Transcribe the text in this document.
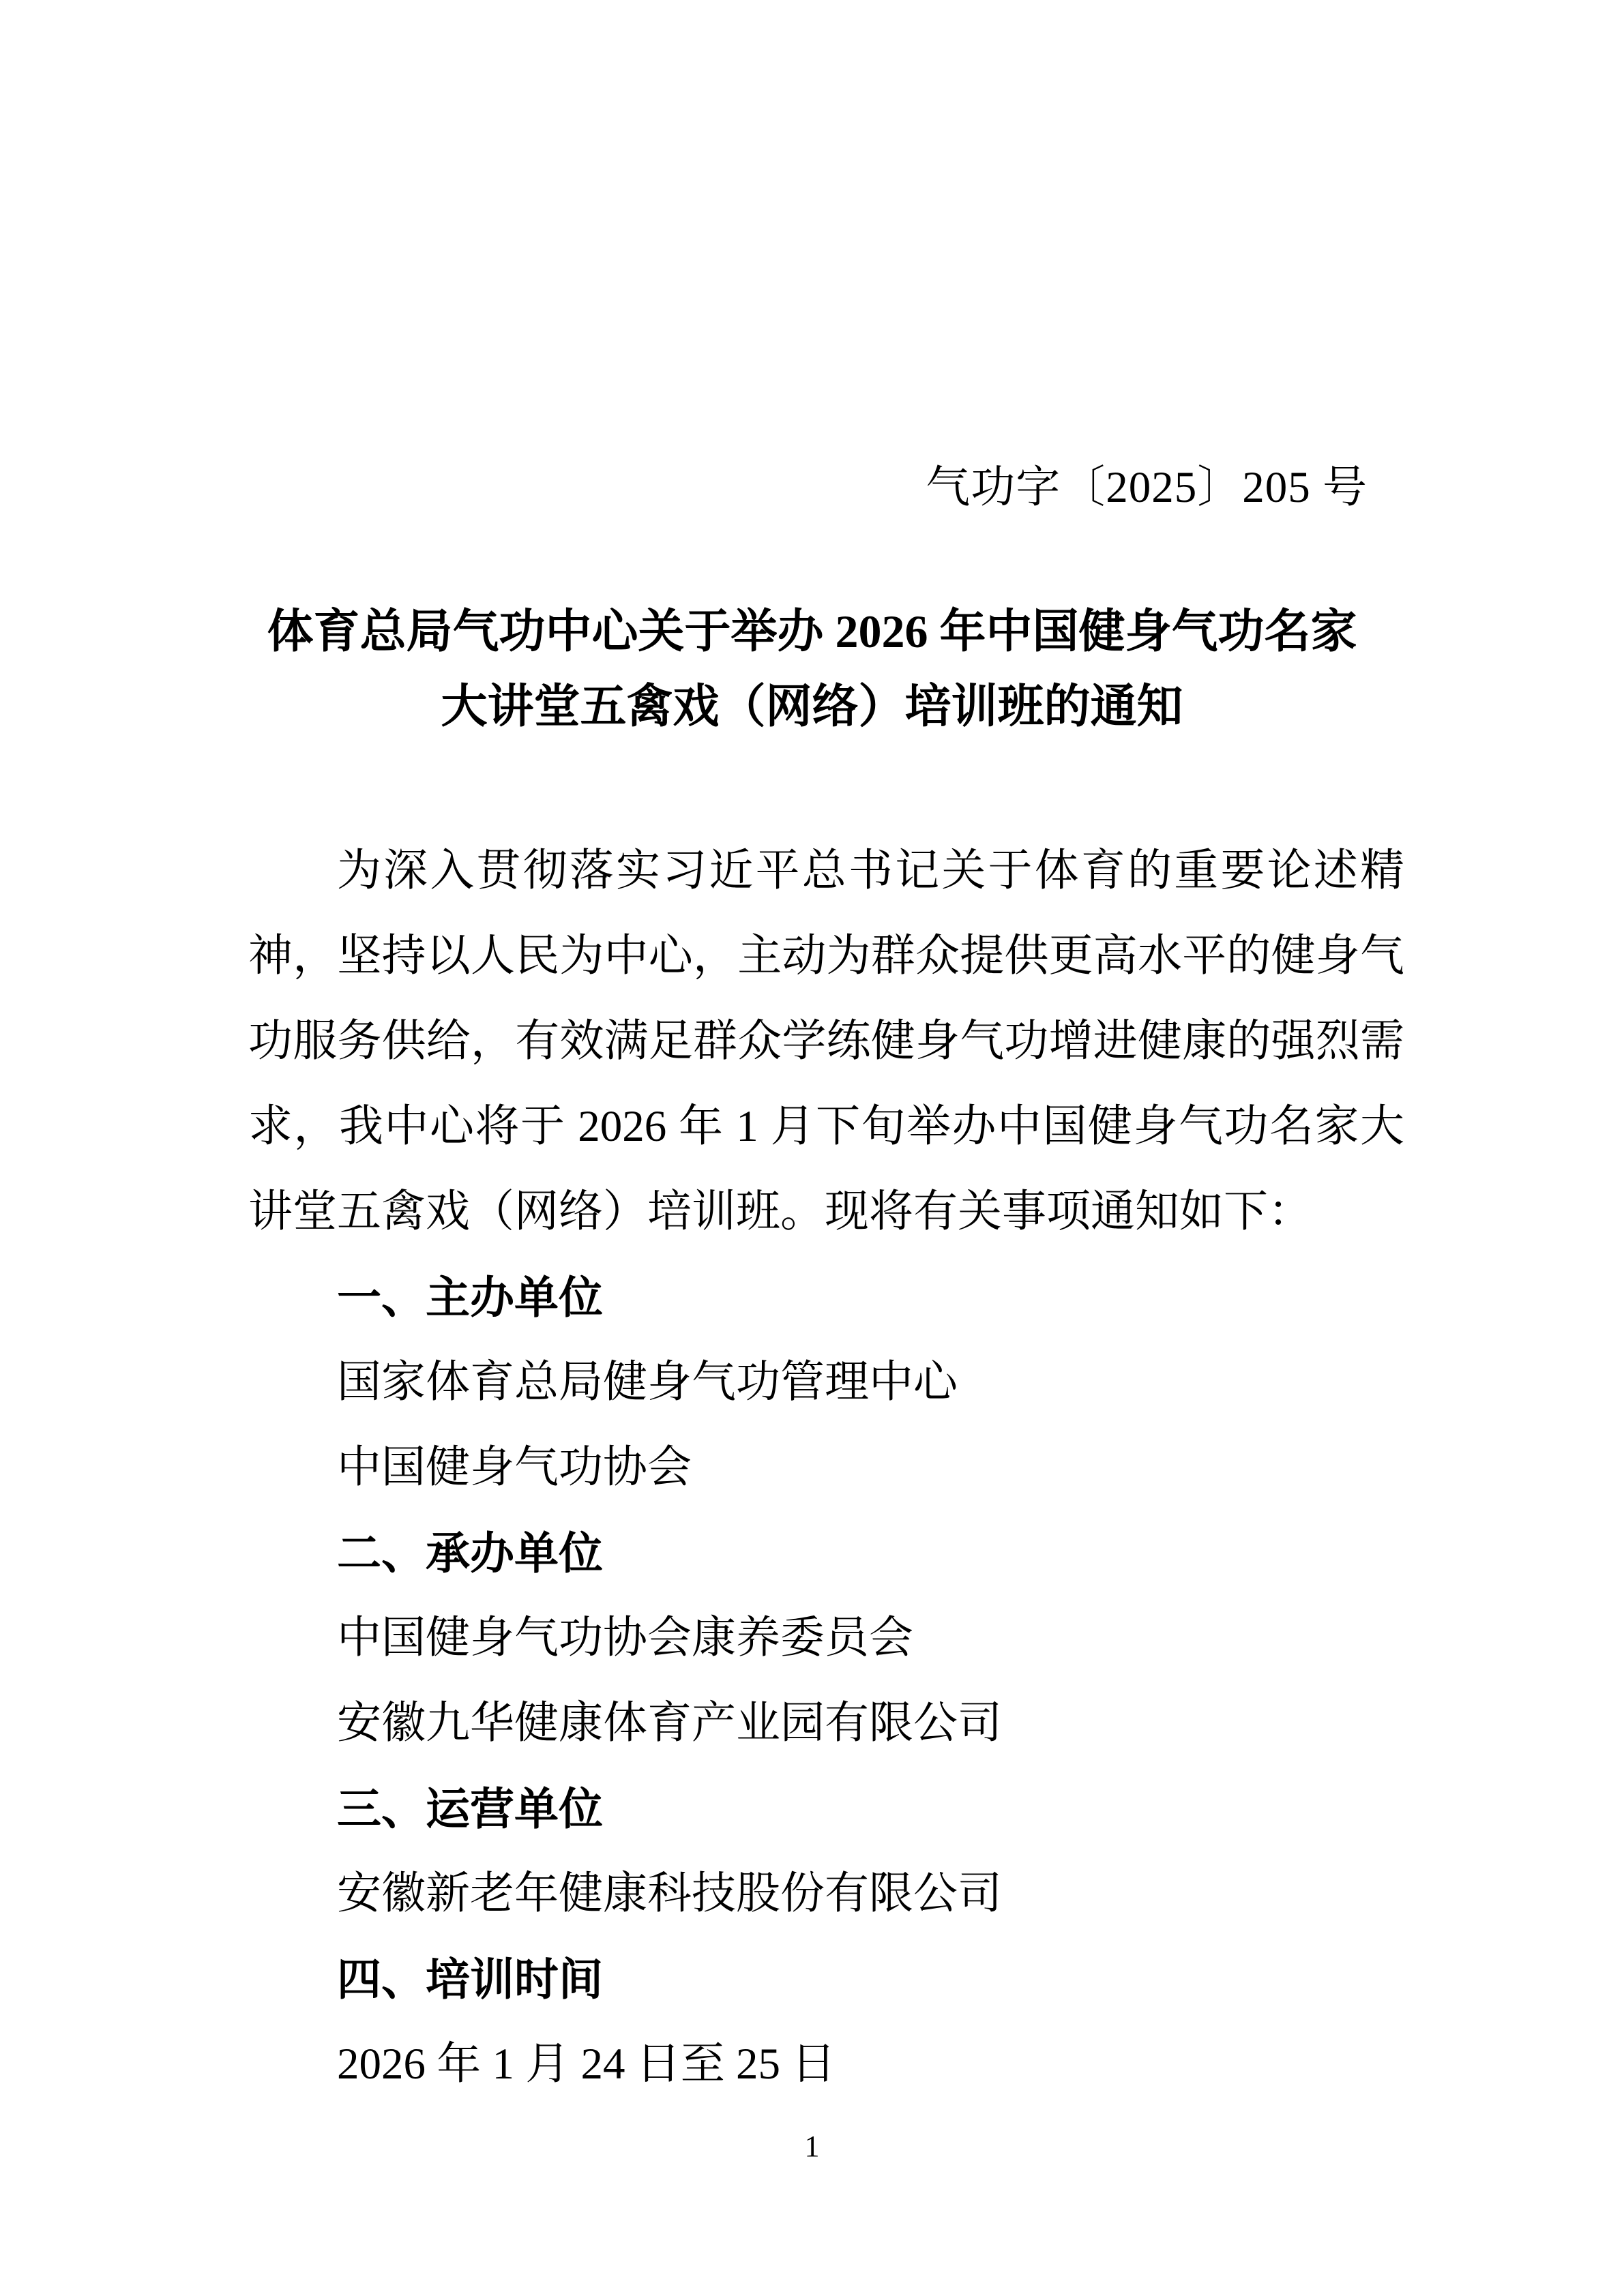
气功字〔2025〕205 号
体育总局气功中心关于举办 2026 年中国健身气功名家
大讲堂五禽戏（网络）培训班的通知

为深入贯彻落实习近平总书记关于体育的重要论述精神，坚持以人民为中心，主动为群众提供更高水平的健身气功服务供给，有效满足群众学练健身气功增进健康的强烈需求，我中心将于 2026 年 1 月下旬举办中国健身气功名家大讲堂五禽戏（网络）培训班。现将有关事项通知如下：

一、主办单位

国家体育总局健身气功管理中心

中国健身气功协会

二、承办单位

中国健身气功协会康养委员会

安徽九华健康体育产业园有限公司

三、运营单位

安徽新老年健康科技股份有限公司

四、培训时间

2026 年 1 月 24 日至 25 日

1
